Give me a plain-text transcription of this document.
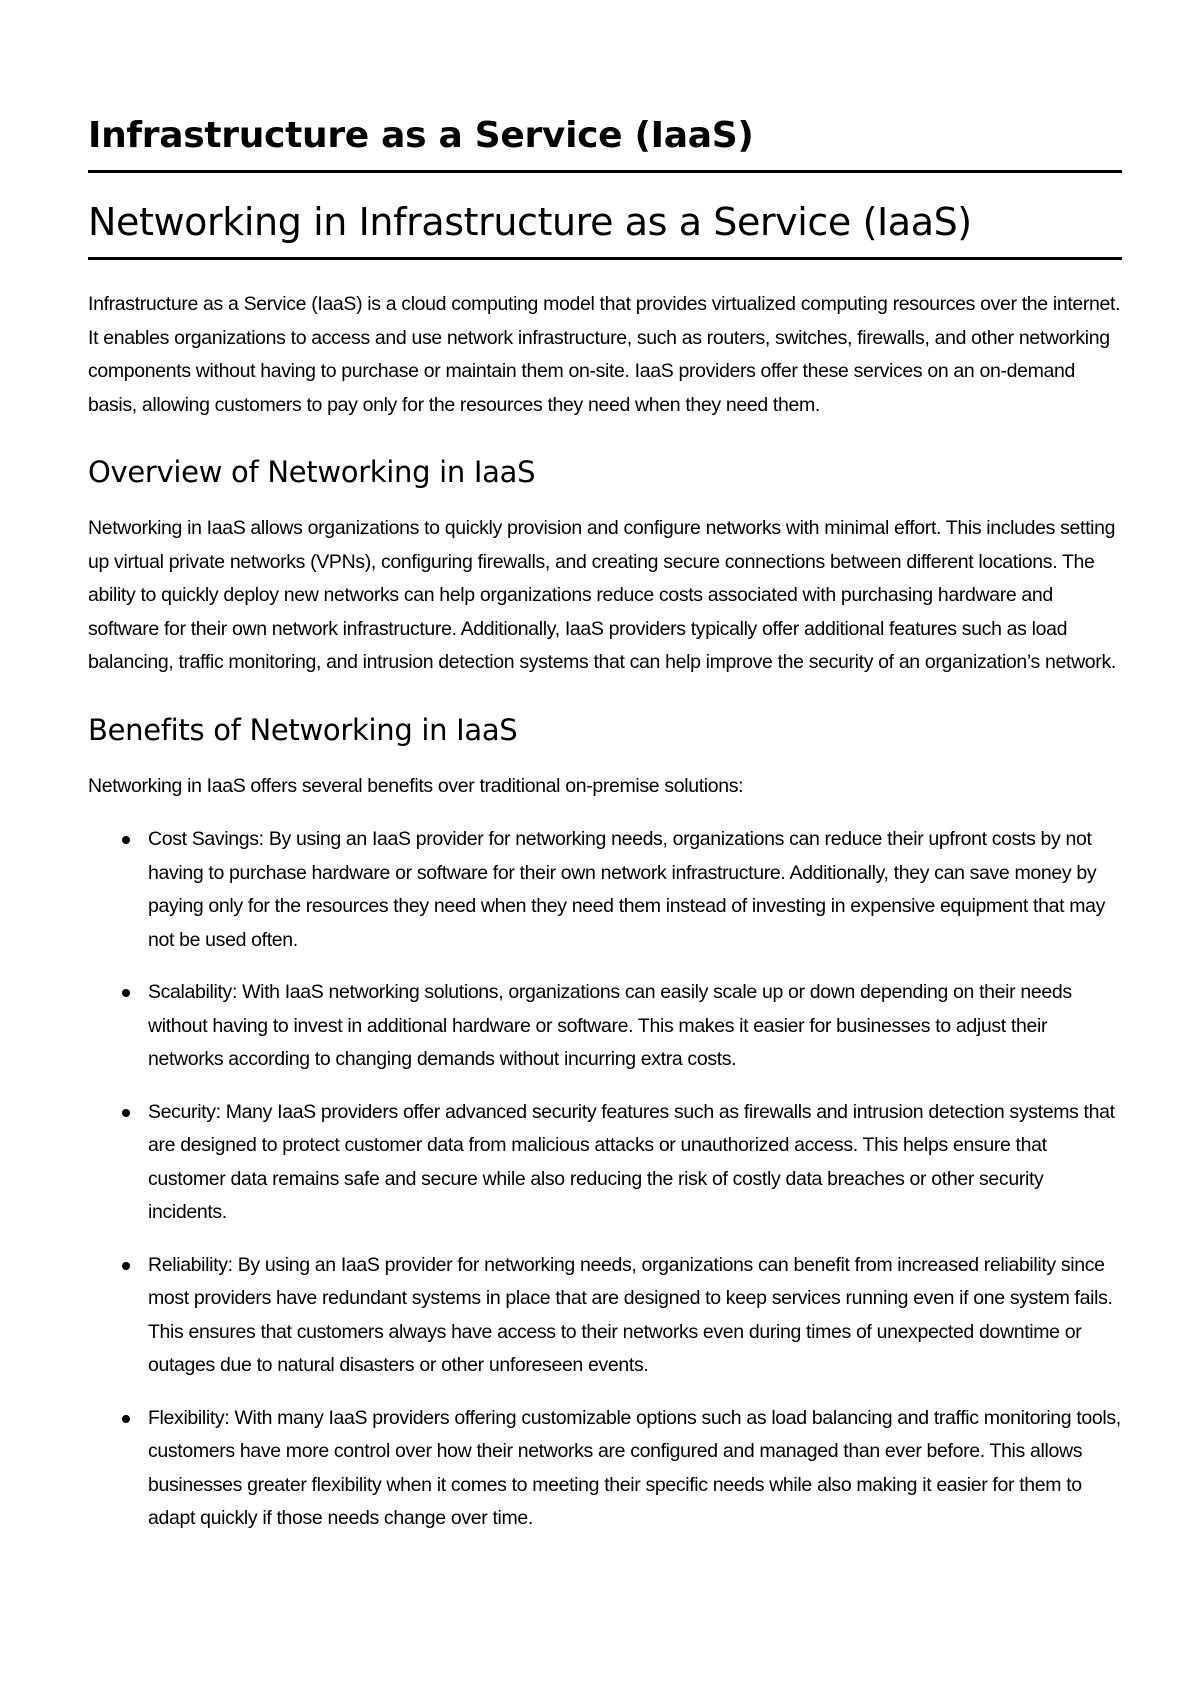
Infrastructure as a Service (IaaS)
Networking in Infrastructure as a Service (IaaS)

Infrastructure as a Service (IaaS) is a cloud computing model that provides virtualized computing resources over the internet. It enables organizations to access and use network infrastructure, such as routers, switches, firewalls, and other networking components without having to purchase or maintain them on-site. IaaS providers offer these services on an on-demand basis, allowing customers to pay only for the resources they need when they need them.

Overview of Networking in IaaS

Networking in IaaS allows organizations to quickly provision and configure networks with minimal effort. This includes setting up virtual private networks (VPNs), configuring firewalls, and creating secure connections between different locations. The ability to quickly deploy new networks can help organizations reduce costs associated with purchasing hardware and software for their own network infrastructure. Additionally, IaaS providers typically offer additional features such as load balancing, traffic monitoring, and intrusion detection systems that can help improve the security of an organization’s network.

Benefits of Networking in IaaS

Networking in IaaS offers several benefits over traditional on-premise solutions:

Cost Savings: By using an IaaS provider for networking needs, organizations can reduce their upfront costs by not having to purchase hardware or software for their own network infrastructure. Additionally, they can save money by paying only for the resources they need when they need them instead of investing in expensive equipment that may not be used often.
Scalability: With IaaS networking solutions, organizations can easily scale up or down depending on their needs without having to invest in additional hardware or software. This makes it easier for businesses to adjust their networks according to changing demands without incurring extra costs.
Security: Many IaaS providers offer advanced security features such as firewalls and intrusion detection systems that are designed to protect customer data from malicious attacks or unauthorized access. This helps ensure that customer data remains safe and secure while also reducing the risk of costly data breaches or other security incidents.
Reliability: By using an IaaS provider for networking needs, organizations can benefit from increased reliability since most providers have redundant systems in place that are designed to keep services running even if one system fails. This ensures that customers always have access to their networks even during times of unexpected downtime or outages due to natural disasters or other unforeseen events.
Flexibility: With many IaaS providers offering customizable options such as load balancing and traffic monitoring tools, customers have more control over how their networks are configured and managed than ever before. This allows businesses greater flexibility when it comes to meeting their specific needs while also making it easier for them to adapt quickly if those needs change over time.
